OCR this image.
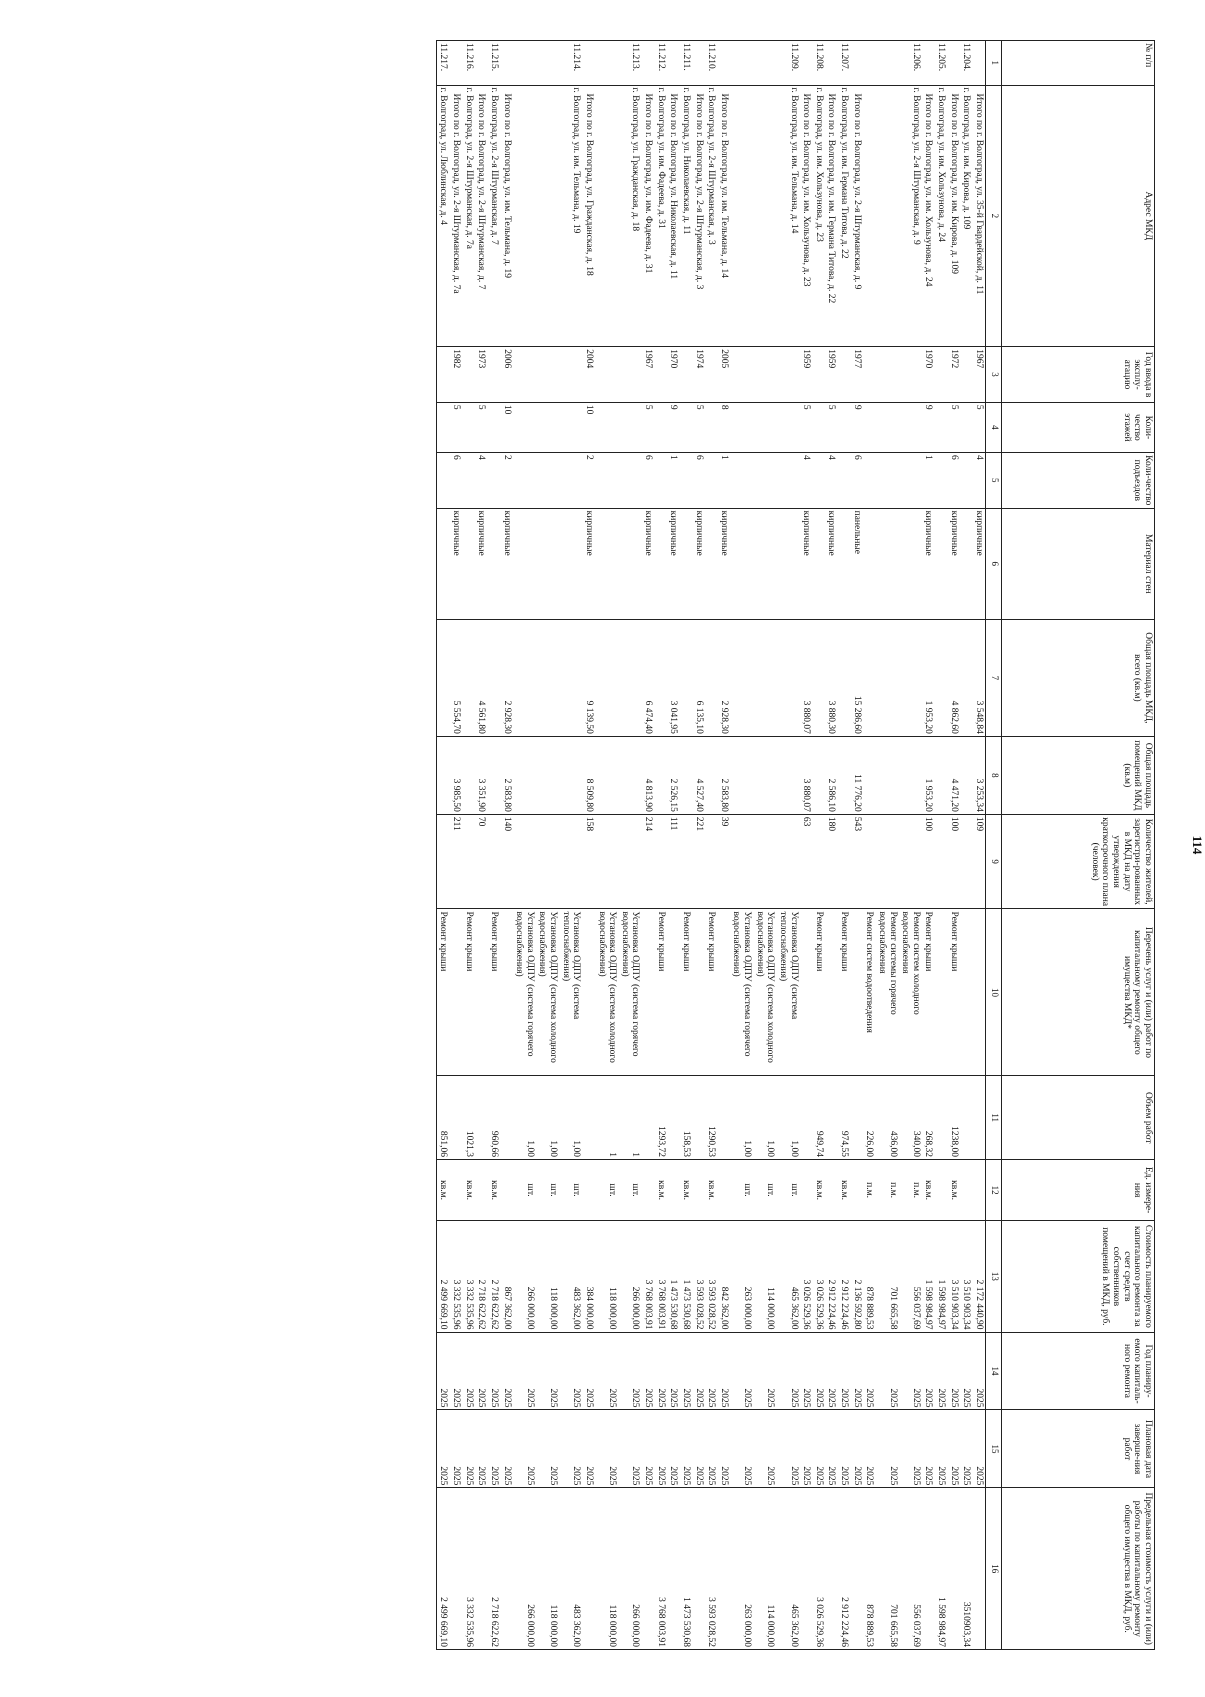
114
№ п/п	Адрес МКД	Год ввода в эксплу-атацию	Коли-чество этажей	Коли-чество подъездов	Материал стен	Общая площадь МКД, всего (кв.м)	Общая площадь помещений МКД (кв.м)	Количество жителей, зарегистри-рованных в МКД на дату утверждения краткосрочного плана (человек)	Перечень услуг и (или) работ по капитальному ремонту общего имущества МКД*	Объем работ	Ед. измере-ния	Стоимость планируемого капитального ремонта за счет средств собственников помещений в МКД, руб.	Год планиру-емого капиталь-ного ремонта	Плановая дата заверше-ния работ	Предельная стоимость услуги и (или) работы по капитальному ремонту общего имущества в МКД, руб.
1	2	3	4	5	6	7	8	9	10	11	12	13	14	15	16
	Итого по г. Волгоград, ул. 35-й Гвардейской, д. 11	1967	5	4	кирпичные	3 548,84	3 253,34	109				2 172 440,90	2025	2025	
11.204.	г. Волгоград, ул. им. Кирова, д. 109											3 510 903,34	2025	2025	3510903,34
	Итого по г. Волгоград, ул. им. Кирова, д. 109	1972	5	6	кирпичные	4 862,60	4 471,20	100	Ремонт крыши	1238,00	кв.м.	3 510 903,34	2025	2025	
11.205.	г. Волгоград, ул. им. Хользунова, д. 24											1 598 984,97	2025	2025	1 598 984,97
	Итого по г. Волгоград, ул. им. Хользунова, д. 24	1970	9	1	кирпичные	1 953,20	1 953,20	100	Ремонт крыши	268,32	кв.м.	1 598 984,97	2025	2025	
11.206.	г. Волгоград, ул. 2-я Штурманская, д. 9								Ремонт систем холодного водоснабжения	340,00	п.м.	556 037,69	2025	2025	556 037,69
									Ремонт системы горячего водоснабжения	436,00	п.м.	701 665,58	2025	2025	701 665,58
									Ремонт систем водоотведения	226,00	п.м.	878 889,53	2025	2025	878 889,53
	Итого по г. Волгоград, ул. 2-я Штурманская, д. 9	1977	9	6	панельные	15 286,60	11 776,20	543				2 136 592,80	2025	2025	
11.207.	г. Волгоград, ул. им. Германа Титова, д. 22								Ремонт крыши	974,55	кв.м.	2 912 224,46	2025	2025	2 912 224,46
	Итого по г. Волгоград, ул. им. Германа Титова, д. 22	1959	5	4	кирпичные	3 880,30	2 586,10	180				2 912 224,46	2025	2025	
11.208.	г. Волгоград, ул. им. Хользунова, д. 23								Ремонт крыши	949,74	кв.м.	3 026 529,36	2025	2025	3 026 529,36
	Итого по г. Волгоград, ул. им. Хользунова, д. 23	1959	5	4	кирпичные	3 880,07	3 880,07	63				3 026 529,36	2025	2025	
11.209.	г. Волгоград, ул. им. Тельмана, д. 14								Установка ОДПУ (система теплоснабжения)	1,00	шт.	465 362,00	2025	2025	465 362,00
									Установка ОДПУ (система холодного водоснабжения)	1,00	шт.	114 000,00	2025	2025	114 000,00
									Установка ОДПУ (система горячего водоснабжения)	1,00	шт.	263 000,00	2025	2025	263 000,00
	Итого по г. Волгоград, ул. им. Тельмана, д. 14	2005	8	1	кирпичные	2 928,30	2 583,80	39				842 362,00	2025	2025	
11.210.	г. Волгоград, ул. 2-я Штурманская, д. 3								Ремонт крыши	1290,53	кв.м.	3 593 028,52	2025	2025	3 593 028,52
	Итого по г. Волгоград, ул. 2-я Штурманская, д. 3	1974	5	6	кирпичные	6 135,10	4 527,40	221				3 593 028,52	2025	2025	
11.211.	г. Волгоград, ул. Николаевская, д. 11								Ремонт крыши	158,53	кв.м.	1 473 530,68	2025	2025	1 473 530,68
	Итого по г. Волгоград, ул. Николаевская, д. 11	1970	9	1	кирпичные	3 041,95	2 526,15	111				1 473 530,68	2025	2025	
11.212.	г. Волгоград, ул. им. Фадеева, д. 31								Ремонт крыши	1293,72	кв.м.	3 768 003,91	2025	2025	3 768 003,91
	Итого по г. Волгоград, ул. им. Фадеева, д. 31	1967	5	6	кирпичные	6 474,40	4 813,90	214				3 768 003,91	2025	2025	
11.213.	г. Волгоград, ул. Гражданская, д. 18								Установка ОДПУ (система горячего водоснабжения)	1	шт.	266 000,00	2025	2025	266 000,00
									Установка ОДПУ (система холодного водоснабжения)	1	шт.	118 000,00	2025	2025	118 000,00
	Итого по г. Волгоград, ул. Гражданская, д. 18	2004	10	2	кирпичные	9 139,50	8 509,80	158				384 000,00	2025	2025	
11.214.	г. Волгоград, ул. им. Тельмана, д. 19								Установка ОДПУ (система теплоснабжения)	1,00	шт.	483 362,00	2025	2025	483 362,00
									Установка ОДПУ (система холодного водоснабжения)	1,00	шт.	118 000,00	2025	2025	118 000,00
									Установка ОДПУ (система горячего водоснабжения)	1,00	шт.	266 000,00	2025	2025	266 000,00
	Итого по г. Волгоград, ул. им. Тельмана, д. 19	2006	10	2	кирпичные	2 928,30	2 583,80	140				867 362,00	2025	2025	
11.215.	г. Волгоград, ул. 2-я Штурманская, д. 7								Ремонт крыши	960,66	кв.м.	2 718 622,62	2025	2025	2 718 622,62
	Итого по г. Волгоград, ул. 2-я Штурманская, д. 7	1973	5	4	кирпичные	4 561,80	3 351,90	70				2 718 622,62	2025	2025	
11.216.	г. Волгоград, ул. 2-я Штурманская, д. 7а								Ремонт крыши	1021,3	кв.м.	3 332 535,96	2025	2025	3 332 535,96
	Итого по г. Волгоград, ул. 2-я Штурманская, д. 7а	1982	5	6	кирпичные	5 554,70	3 985,50	211				3 332 535,96	2025	2025	
11.217.	г. Волгоград, ул. Люблинская, д. 4								Ремонт крыши	851,06	кв.м.	2 499 669,10	2025	2025	2 499 669,10
